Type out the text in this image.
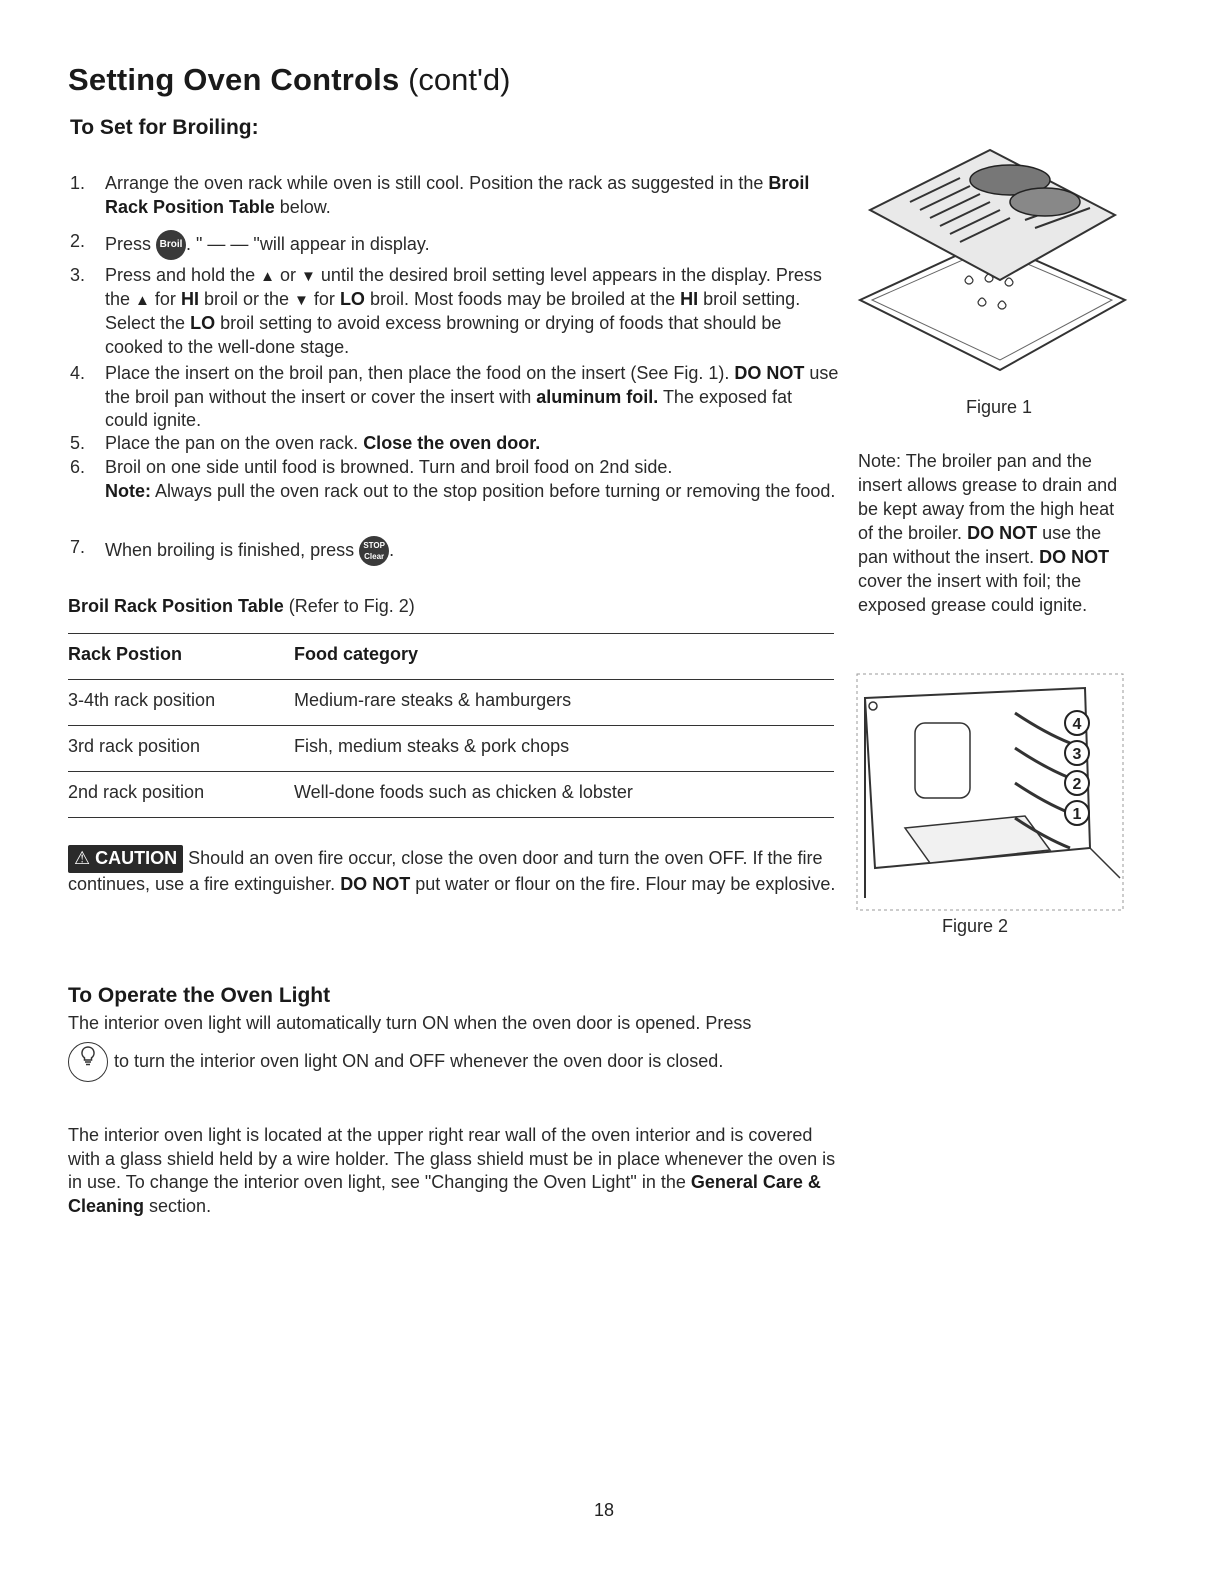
Setting Oven Controls (cont'd)
To Set for Broiling:
1. Arrange the oven rack while oven is still cool. Position the rack as suggested in the Broil Rack Position Table below.
2. Press Broil . " — — "will appear in display.
3. Press and hold the ▲ or ▼ until the desired broil setting level appears in the display. Press the ▲ for HI broil or the ▼ for LO broil. Most foods may be broiled at the HI broil setting. Select the LO broil setting to avoid excess browning or drying of foods that should be cooked to the well-done stage.
4. Place the insert on the broil pan, then place the food on the insert (See Fig. 1). DO NOT use the broil pan without the insert or cover the insert with aluminum foil. The exposed fat could ignite.
5. Place the pan on the oven rack. Close the oven door.
6. Broil on one side until food is browned. Turn and broil food on 2nd side.
Note: Always pull the oven rack out to the stop position before turning or removing the food.
7. When broiling is finished, press STOP Clear .
Broil Rack Position Table (Refer to Fig. 2)
Rack Postion	Food category
3-4th rack position	Medium-rare steaks & hamburgers
3rd rack position	Fish, medium steaks & pork chops
2nd rack position	Well-done foods such as chicken & lobster
⚠ CAUTION Should an oven fire occur, close the oven door and turn the oven OFF. If the fire continues, use a fire extinguisher. DO NOT put water or flour on the fire. Flour may be explosive.
To Operate the Oven Light
The interior oven light will automatically turn ON when the oven door is opened. Press
to turn the interior oven light ON and OFF whenever the oven door is closed.
The interior oven light is located at the upper right rear wall of the oven interior and is covered with a glass shield held by a wire holder. The glass shield must be in place whenever the oven is in use. To change the interior oven light, see "Changing the Oven Light" in the General Care & Cleaning section.
Figure 1
Note: The broiler pan and the insert allows grease to drain and be kept away from the high heat of the broiler. DO NOT use the pan without the insert. DO NOT cover the insert with foil; the exposed grease could ignite.
4
3
2
1
Figure 2
18
